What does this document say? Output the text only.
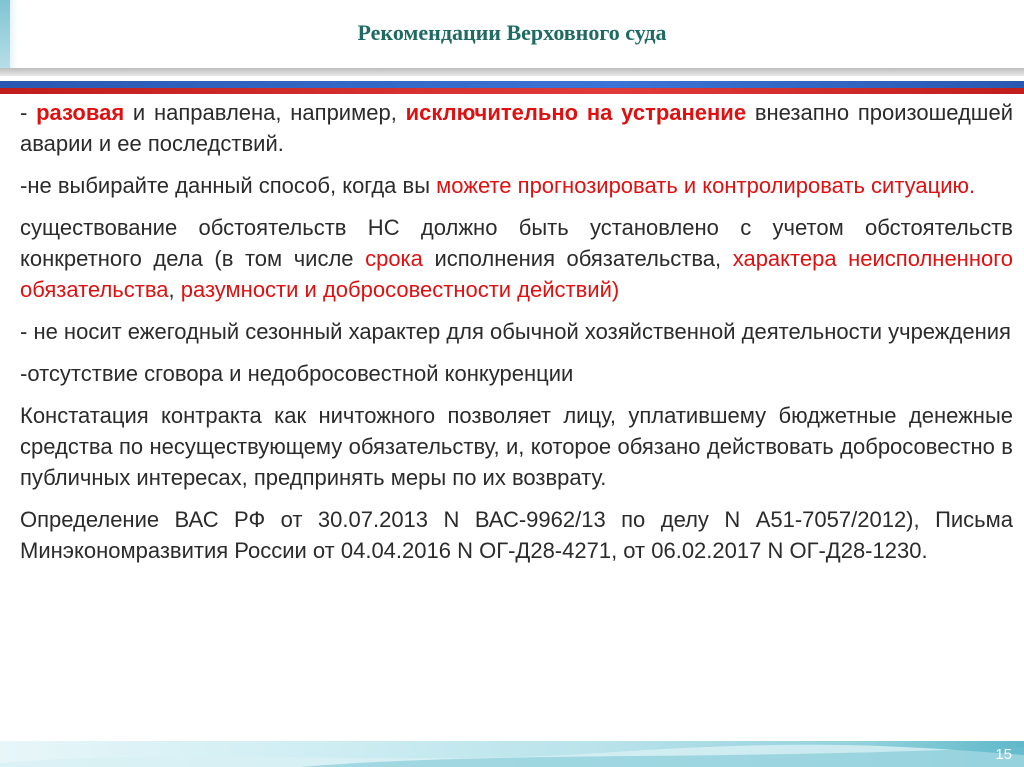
Рекомендации Верховного суда

- разовая и направлена, например, исключительно на устранение внезапно произошедшей аварии и ее последствий.

-не выбирайте данный способ, когда вы можете прогнозировать и контролировать ситуацию.

существование обстоятельств НС должно быть установлено с учетом обстоятельств конкретного дела (в том числе срока исполнения обязательства, характера неисполненного обязательства, разумности и добросовестности действий)

- не носит ежегодный сезонный характер для обычной хозяйственной деятельности учреждения

-отсутствие сговора и недобросовестной конкуренции

Констатация контракта как ничтожного позволяет лицу, уплатившему бюджетные денежные средства по несуществующему обязательству, и, которое обязано действовать добросовестно в публичных интересах, предпринять меры по их возврату.

Определение ВАС РФ от 30.07.2013 N ВАС-9962/13 по делу N А51-7057/2012), Письма Минэкономразвития России от 04.04.2016 N ОГ-Д28-4271, от 06.02.2017 N ОГ-Д28-1230.

15
